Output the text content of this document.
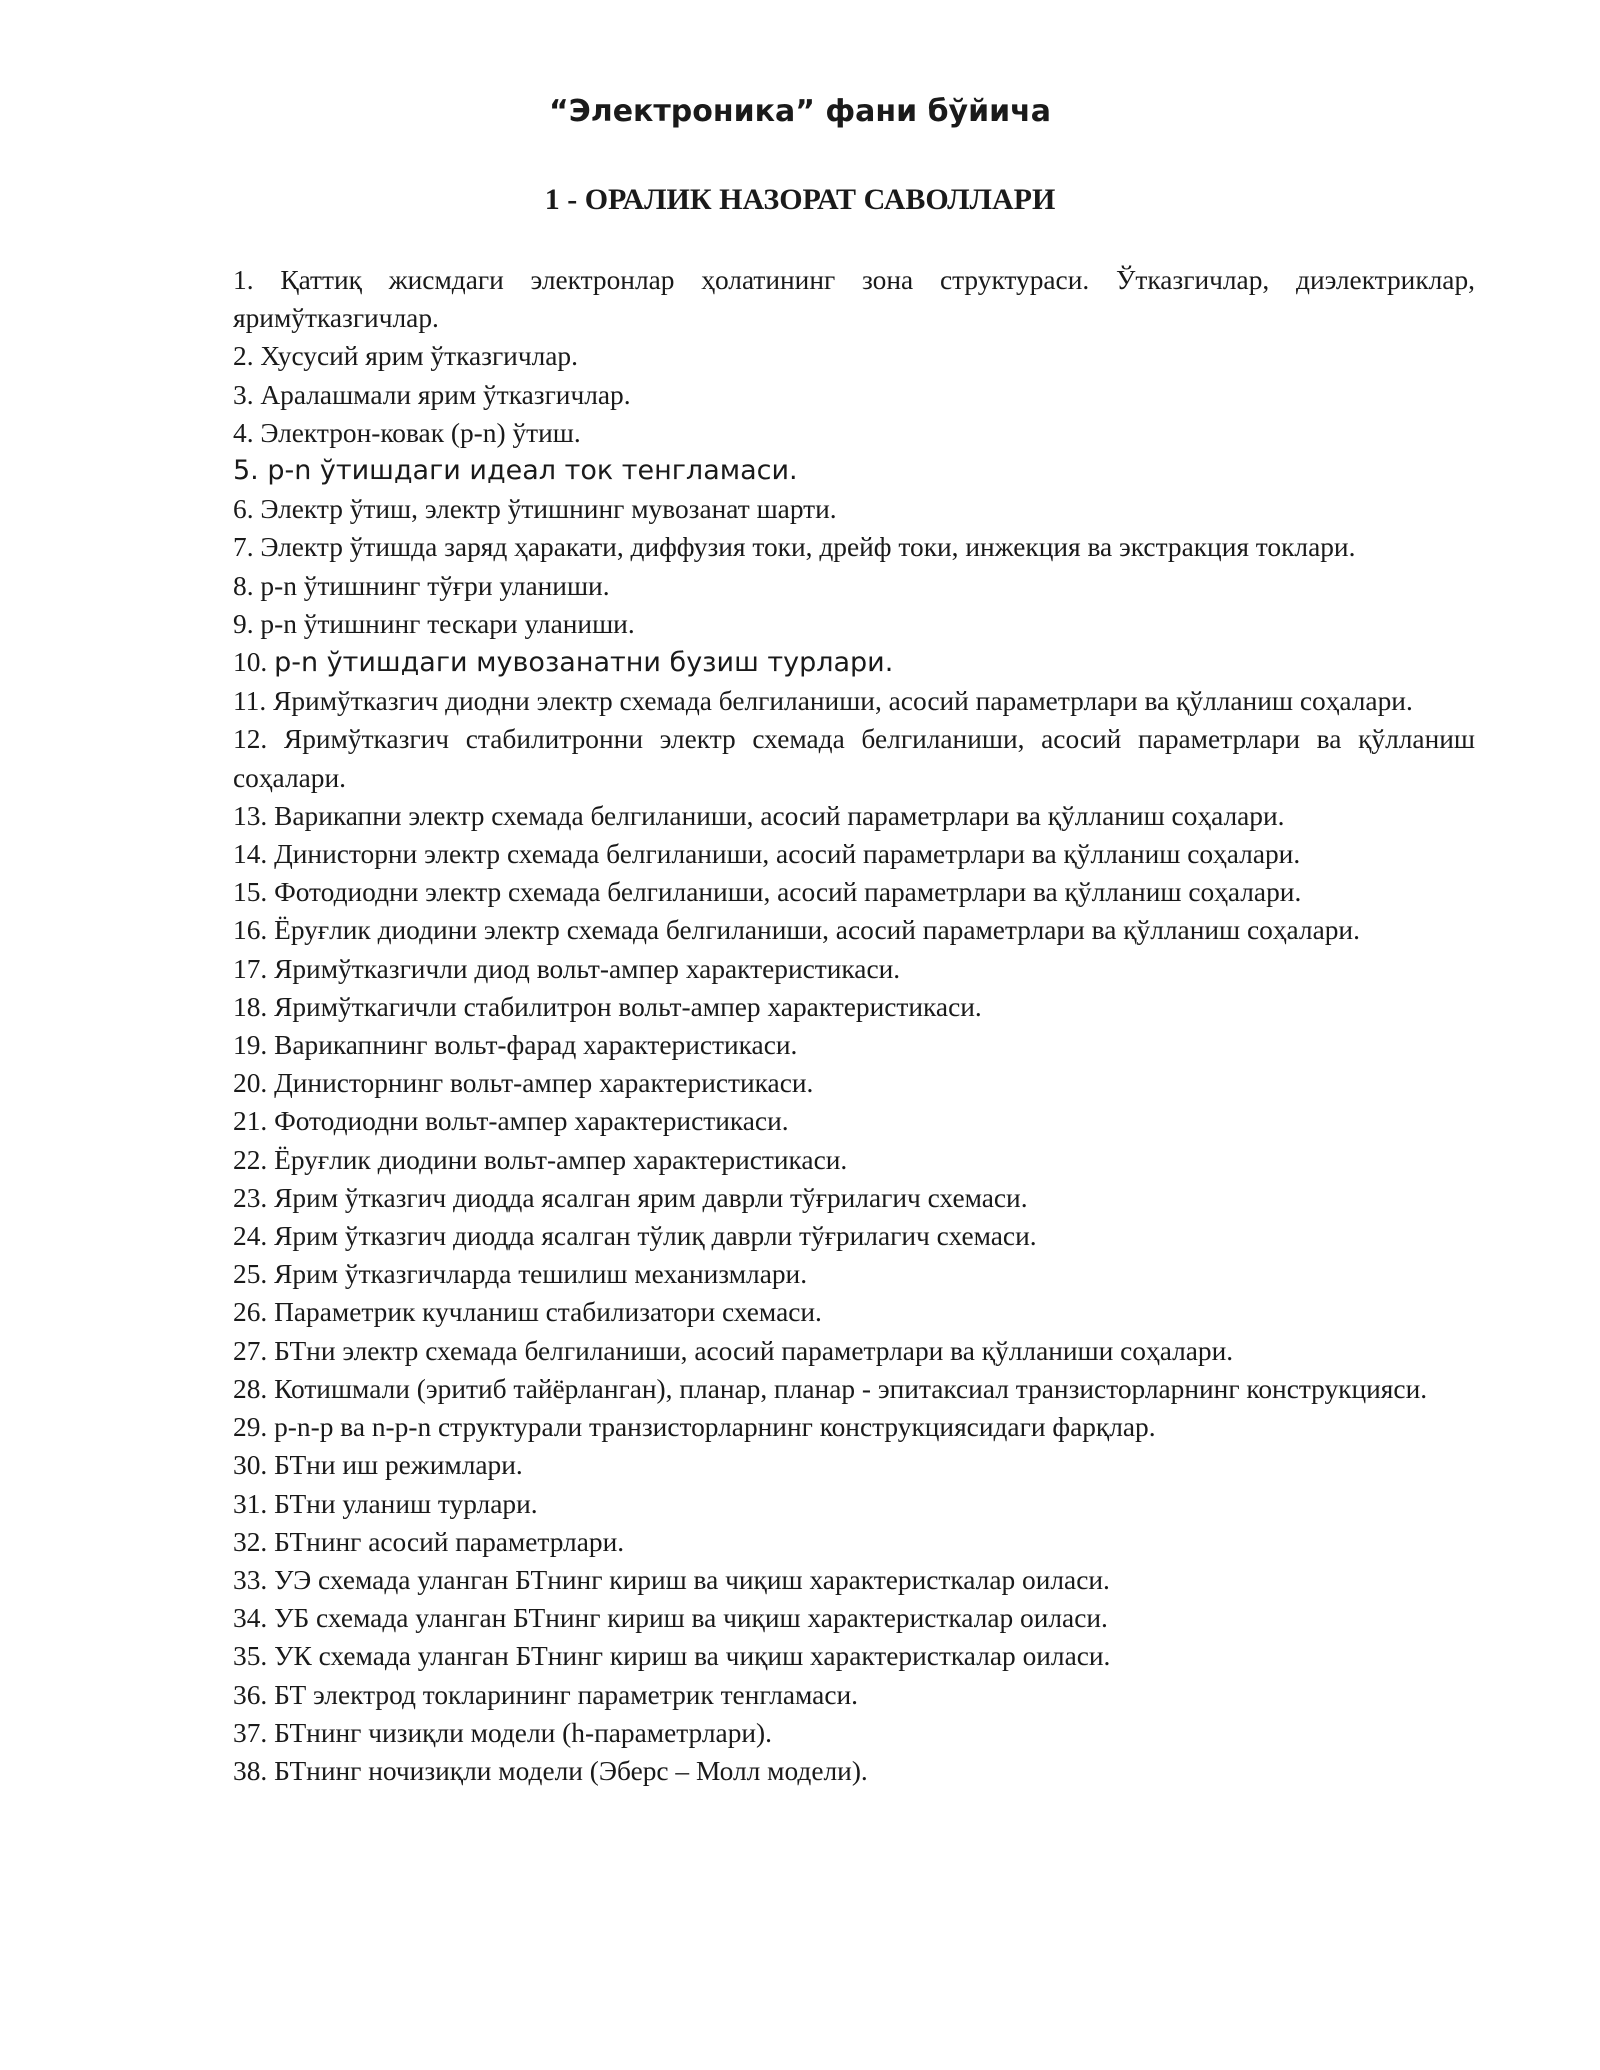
“Электроника” фани бўйича
1 - ОРАЛИК НАЗОРАТ САВОЛЛАРИ
1. Қаттиқ жисмдаги электронлар ҳолатининг зона структураси. Ўтказгичлар, диэлектриклар, яримўтказгичлар.
2. Хусусий ярим ўтказгичлар.
3. Аралашмали ярим ўтказгичлар.
4. Электрон-ковак (p-n) ўтиш.
5. p-n ўтишдаги идеал ток тенгламаси.
6. Электр ўтиш, электр ўтишнинг мувозанат шарти.
7. Электр ўтишда заряд ҳаракати, диффузия токи, дрейф токи, инжекция ва экстракция токлари.
8. p-n ўтишнинг тўғри уланиши.
9. p-n ўтишнинг тескари уланиши.
10. p-n ўтишдаги мувозанатни бузиш турлари.
11. Яримўтказгич диодни электр схемада белгиланиши, асосий параметрлари ва қўлланиш соҳалари.
12. Яримўтказгич стабилитронни электр схемада белгиланиши, асосий параметрлари ва қўлланиш соҳалари.
13. Варикапни электр схемада белгиланиши, асосий параметрлари ва қўлланиш соҳалари.
14. Динисторни электр схемада белгиланиши, асосий параметрлари ва қўлланиш соҳалари.
15. Фотодиодни электр схемада белгиланиши, асосий параметрлари ва қўлланиш соҳалари.
16. Ёруғлик диодини электр схемада белгиланиши, асосий параметрлари ва қўлланиш соҳалари.
17. Яримўтказгичли диод вольт-ампер характеристикаси.
18. Яримўткагичли стабилитрон вольт-ампер характеристикаси.
19. Варикапнинг вольт-фарад характеристикаси.
20. Динисторнинг вольт-ампер характеристикаси.
21. Фотодиодни вольт-ампер характеристикаси.
22. Ёруғлик диодини вольт-ампер характеристикаси.
23. Ярим ўтказгич диодда ясалган ярим даврли тўғрилагич схемаси.
24. Ярим ўтказгич диодда ясалган тўлиқ даврли тўғрилагич схемаси.
25. Ярим ўтказгичларда тешилиш механизмлари.
26. Параметрик кучланиш стабилизатори схемаси.
27. БТни электр схемада белгиланиши, асосий параметрлари ва қўлланиши соҳалари.
28. Котишмали (эритиб тайёрланган), планар, планар - эпитаксиал транзисторларнинг конструкцияси.
29. p-n-p ва n-p-n структурали транзисторларнинг конструкциясидаги фарқлар.
30. БТни иш режимлари.
31. БТни уланиш турлари.
32. БТнинг асосий параметрлари.
33. УЭ схемада уланган БТнинг кириш ва чиқиш характеристкалар оиласи.
34. УБ схемада уланган БТнинг кириш ва чиқиш характеристкалар оиласи.
35. УК схемада уланган БТнинг кириш ва чиқиш характеристкалар оиласи.
36. БТ электрод токларининг параметрик тенгламаси.
37. БТнинг чизиқли модели (h-параметрлари).
38. БТнинг ночизиқли модели (Эберс – Молл модели).
